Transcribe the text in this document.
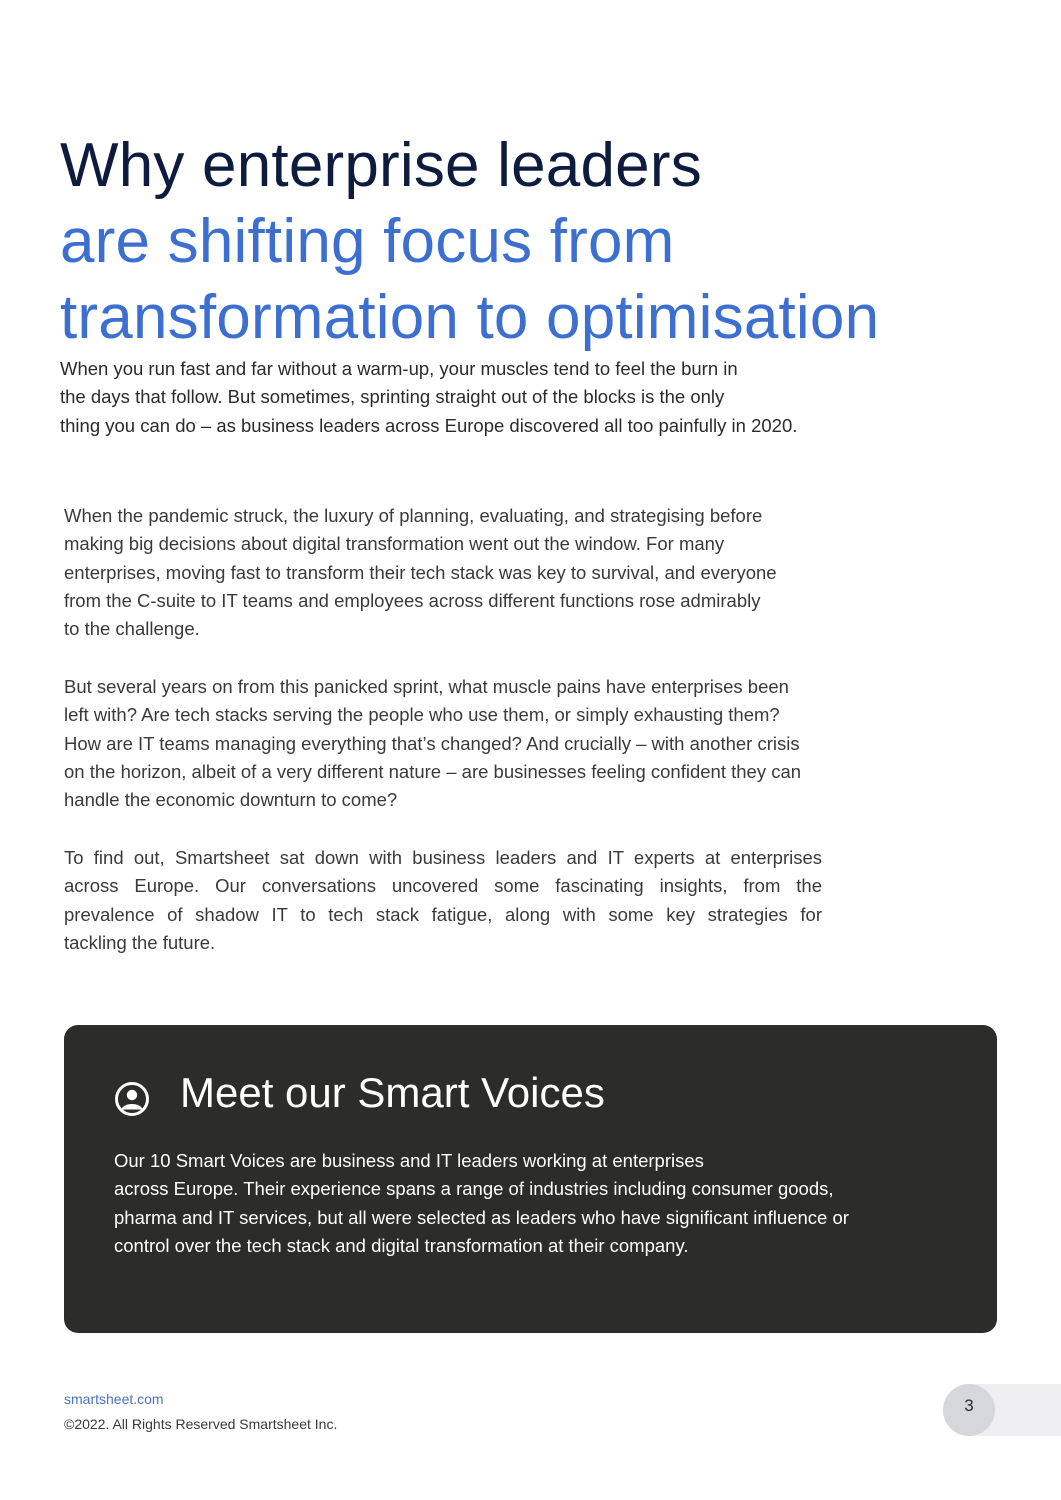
Why enterprise leaders
are shifting focus from
transformation to optimisation

When you run fast and far without a warm-up, your muscles tend to feel the burn in
the days that follow. But sometimes, sprinting straight out of the blocks is the only
thing you can do – as business leaders across Europe discovered all too painfully in 2020.

When the pandemic struck, the luxury of planning, evaluating, and strategising before
making big decisions about digital transformation went out the window. For many
enterprises, moving fast to transform their tech stack was key to survival, and everyone
from the C-suite to IT teams and employees across different functions rose admirably
to the challenge.

But several years on from this panicked sprint, what muscle pains have enterprises been
left with? Are tech stacks serving the people who use them, or simply exhausting them?
How are IT teams managing everything that’s changed? And crucially – with another crisis
on the horizon, albeit of a very different nature – are businesses feeling confident they can
handle the economic downturn to come?

To find out, Smartsheet sat down with business leaders and IT experts at enterprises
across Europe. Our conversations uncovered some fascinating insights, from the
prevalence of shadow IT to tech stack fatigue, along with some key strategies for
tackling the future.

Meet our Smart Voices

Our 10 Smart Voices are business and IT leaders working at enterprises
across Europe. Their experience spans a range of industries including consumer goods,
pharma and IT services, but all were selected as leaders who have significant influence or
control over the tech stack and digital transformation at their company.

smartsheet.com
©2022. All Rights Reserved Smartsheet Inc.
3
